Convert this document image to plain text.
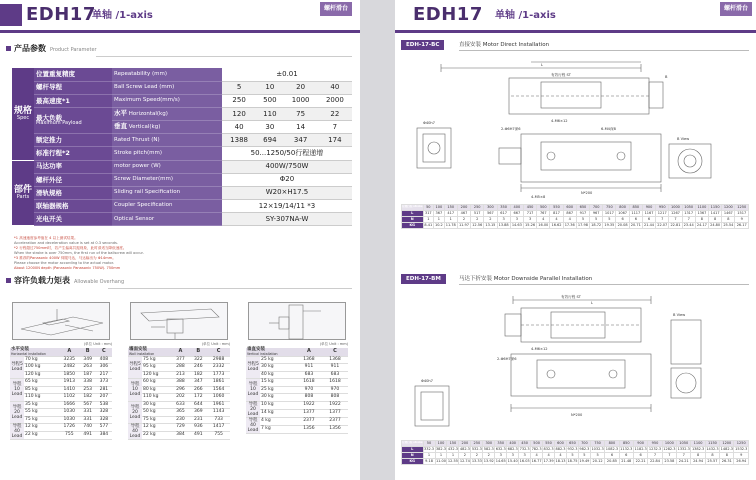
EDH17
单轴 /1-axis
螺杆滑台
产品参数 Product Parameter
规格
Spec	位置重复精度	Repeatability (mm)	±0.01			
	螺杆导程	Ball Screw Lead (mm)	5	10	20	40
	最高速度*1	Maximum Speed(mm/s)	250	500	1000	2000

	最大负载
Maximum Payload	水平 Horizontal(kg)	120	110	75	22
		垂直 Vertical(kg)	40	30	14	7
	额定推力	Rated Thrust (N)	1388	694	347	174
	标准行程*2	Stroke pitch(mm)	50...1250/50行程递增			

部件
Parts	马达功率	motor power (W)	400W/750W			
	螺杆外径	Screw Diameter(mm)	Φ20			
	滑轨规格	Sliding rail Specification	W20×H17.5			
	联轴器规格	Coupler Specification	12×19/14/11 *3			
	光电开关	Optical Sensor	SY-307NA-W			
*1 高速速度参考值在 4 以上测试结果。
Acceleration and deceleration value is set at 0.3 seconds.
*2 行程超过750mm时，若产生偏离共振现象，此时请适当降低速度。
When the stroke is over 750mm, the first run of the ballscrew will occur.
*3 推荐的Panasonic 400W 伺服马达，马达输出为 Φ14mm。
Please choose the motor according to the actual motor.
About 12000N depth (Panasonic Panasonic 750W). 750mm
容许负载力矩表 Allowable Overhang
(单位 Unit : mm)
水平安装
Horizontal installation		A	B	C
导程5 Lead	70 kg	3235	349	408
	100 kg	2482	263	306
	120 kg	1850	187	217
导程10 Lead	65 kg	1913	338	373
	85 kg	1410	253	281
	110 kg	1102	182	207
导程20 Lead	35 kg	1666	567	538
	55 kg	1030	331	328
	75 kg	1030	331	328
导程40 Lead	12 kg	1726	740	577
	22 kg	755	491	384
(单位 Unit : mm)
墙面安装
Wall installation		A	B	C
导程5 Lead	75 kg	377	322	2988
	95 kg	288	246	2332
	120 kg	213	182	1773
导程10 Lead	60 kg	388	347	1861
	80 kg	296	266	1564
	110 kg	202	172	1060
导程20 Lead	30 kg	633	644	1961
	50 kg	365	369	1143
	75 kg	230	231	733
导程40 Lead	12 kg	729	936	1417
	22 kg	384	491	755
(单位 Unit : mm)
垂直安装
Vertical installation		A	C
导程5 Lead	25 kg	1368	1368
	30 kg	911	911
	40 kg	683	683
导程10 Lead	15 kg	1618	1618
	25 kg	970	970
	30 kg	808	808
导程20 Lead	10 kg	1922	1922
	14 kg	1377	1377
导程40 Lead	4 kg	2377	2377
	7 kg	1356	1356
EDH17 单轴 /1-axis
螺杆滑台
EDH-17-BC	直接安装 Motor Direct Installation
L
有效行程 ST
4-M6×12
N*200
2-Φ6H7深6
4-M5×8
6-M4深8
B
Φ40h7
B View
有效行程 stroke	50	100	150	200	250	300	350	400	450	500	550	600	650	700	750	800	850	900	950	1000	1050	1100	1150	1200	1250
L	317	367	417	467	517	567	617	667	717	767	817	867	917	967	1017	1067	1117	1167	1217	1267	1317	1367	1417	1467	1517
N	1	1	1	2	2	2	3	3	3	4	4	4	5	5	5	6	6	6	7	7	7	8	8	8	9
KG	8.41	10.2	11.78	11.97	12.56	13.15	13.88	14.63	15.26	16.00	16.62	17.36	17.98	18.72	19.35	20.08	20.71	21.44	22.07	22.81	23.44	24.17	24.80	25.54	26.17
EDH-17-BM	马达下折安装 Motor Downside Parallel Installation
有效行程 ST
L
4-M6×12
N*200
2-Φ6H7深6
B View
Φ40h7
有效行程 stroke	50	100	150	200	250	300	350	400	450	500	550	600	650	700	750	800	850	900	950	1000	1050	1100	1150	1200	1250
L	332.3	382.3	432.3	482.3	532.3	582.3	632.3	682.3	732.3	782.3	832.3	882.3	932.3	982.3	1032.3	1082.3	1132.3	1182.3	1232.3	1282.3	1332.3	1382.3	1432.3	1482.3	1532.3
N	1	1	1	2	2	2	3	3	3	4	4	4	5	5	5	6	6	6	7	7	7	8	8	8	9
KG	9.18	11.00	12.55	12.74	13.33	13.92	14.65	15.40	16.03	16.77	17.39	18.13	18.75	19.49	20.12	20.85	21.48	22.21	22.84	23.58	24.21	24.94	25.57	26.31	26.94
